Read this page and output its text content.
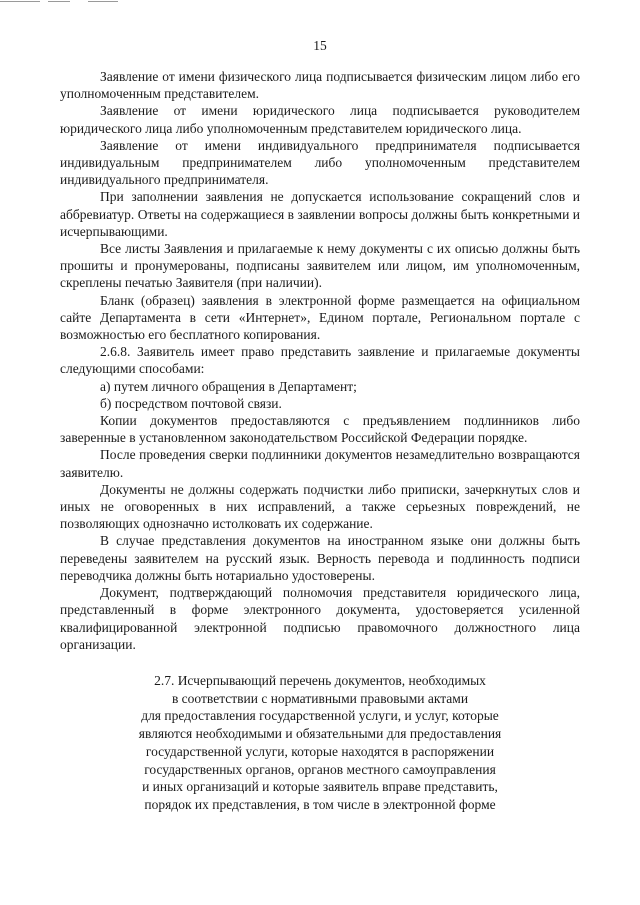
15

Заявление от имени физического лица подписывается физическим лицом либо его уполномоченным представителем.

Заявление от имени юридического лица подписывается руководителем юридического лица либо уполномоченным представителем юридического лица.

Заявление от имени индивидуального предпринимателя подписывается индивидуальным предпринимателем либо уполномоченным представителем индивидуального предпринимателя.

При заполнении заявления не допускается использование сокращений слов и аббревиатур. Ответы на содержащиеся в заявлении вопросы должны быть конкретными и исчерпывающими.

Все листы Заявления и прилагаемые к нему документы с их описью должны быть прошиты и пронумерованы, подписаны заявителем или лицом, им уполномоченным, скреплены печатью Заявителя (при наличии).

Бланк (образец) заявления в электронной форме размещается на официальном сайте Департамента в сети «Интернет», Едином портале, Региональном портале с возможностью его бесплатного копирования.

2.6.8. Заявитель имеет право представить заявление и прилагаемые документы следующими способами:

а) путем личного обращения в Департамент;

б) посредством почтовой связи.

Копии документов предоставляются с предъявлением подлинников либо заверенные в установленном законодательством Российской Федерации порядке.

После проведения сверки подлинники документов незамедлительно возвращаются заявителю.

Документы не должны содержать подчистки либо приписки, зачеркнутых слов и иных не оговоренных в них исправлений, а также серьезных повреждений, не позволяющих однозначно истолковать их содержание.

В случае представления документов на иностранном языке они должны быть переведены заявителем на русский язык. Верность перевода и подлинность подписи переводчика должны быть нотариально удостоверены.

Документ, подтверждающий полномочия представителя юридического лица, представленный в форме электронного документа, удостоверяется усиленной квалифицированной электронной подписью правомочного должностного лица организации.

2.7. Исчерпывающий перечень документов, необходимых
в соответствии с нормативными правовыми актами
для предоставления государственной услуги, и услуг, которые
являются необходимыми и обязательными для предоставления
государственной услуги, которые находятся в распоряжении
государственных органов, органов местного самоуправления
и иных организаций и которые заявитель вправе представить,
порядок их представления, в том числе в электронной форме
